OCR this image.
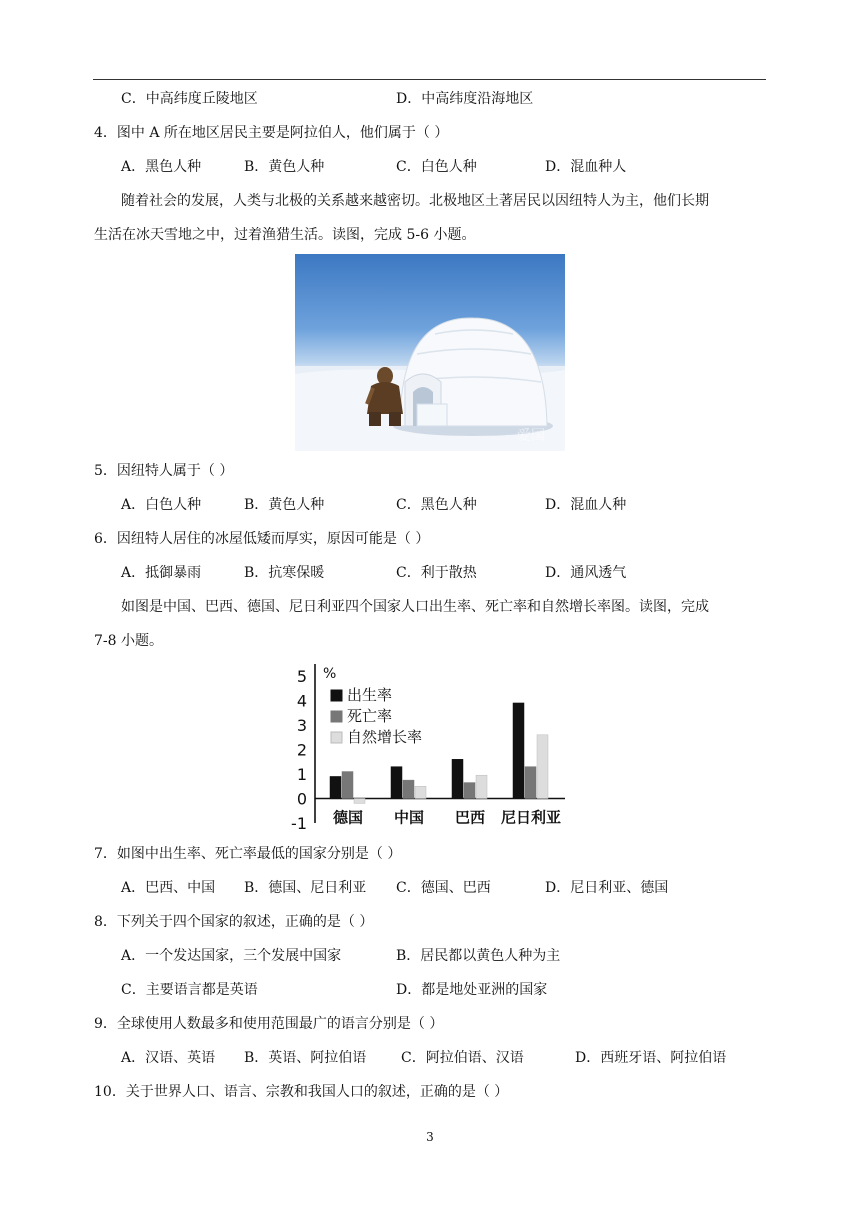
C．中高纬度丘陵地区	D．中高纬度沿海地区
4．图中 A 所在地区居民主要是阿拉伯人，他们属于（ ）
A．黑色人种	B．黄色人种	C．白色人种	D．混血种人
随着社会的发展，人类与北极的关系越来越密切。北极地区土著居民以因纽特人为主，他们长期
生活在冰天雪地之中，过着渔猎生活。读图，完成 5-6 小题。
爱国
5．因纽特人属于（ ）
A．白色人种	B．黄色人种	C．黑色人种	D．混血人种
6．因纽特人居住的冰屋低矮而厚实，原因可能是（ ）
A．抵御暴雨	B．抗寒保暖	C．利于散热	D．通风透气
如图是中国、巴西、德国、尼日利亚四个国家人口出生率、死亡率和自然增长率图。读图，完成
7-8 小题。
%
5
4
3
2
1
0
-1 德国 中国 巴西 尼日利亚
出生率
死亡率
自然增长率
7．如图中出生率、死亡率最低的国家分别是（ ）
A．巴西、中国 B．德国、尼日利亚 C．德国、巴西	D．尼日利亚、德国
8．下列关于四个国家的叙述，正确的是（ ）
A．一个发达国家，三个发展中国家	B．居民都以黄色人种为主
C．主要语言都是英语	D．都是地处亚洲的国家
9．全球使用人数最多和使用范围最广的语言分别是（ ）
A．汉语、英语 B．英语、阿拉伯语 C．阿拉伯语、汉语	D．西班牙语、阿拉伯语
10．关于世界人口、语言、宗教和我国人口的叙述，正确的是（ ）
3
